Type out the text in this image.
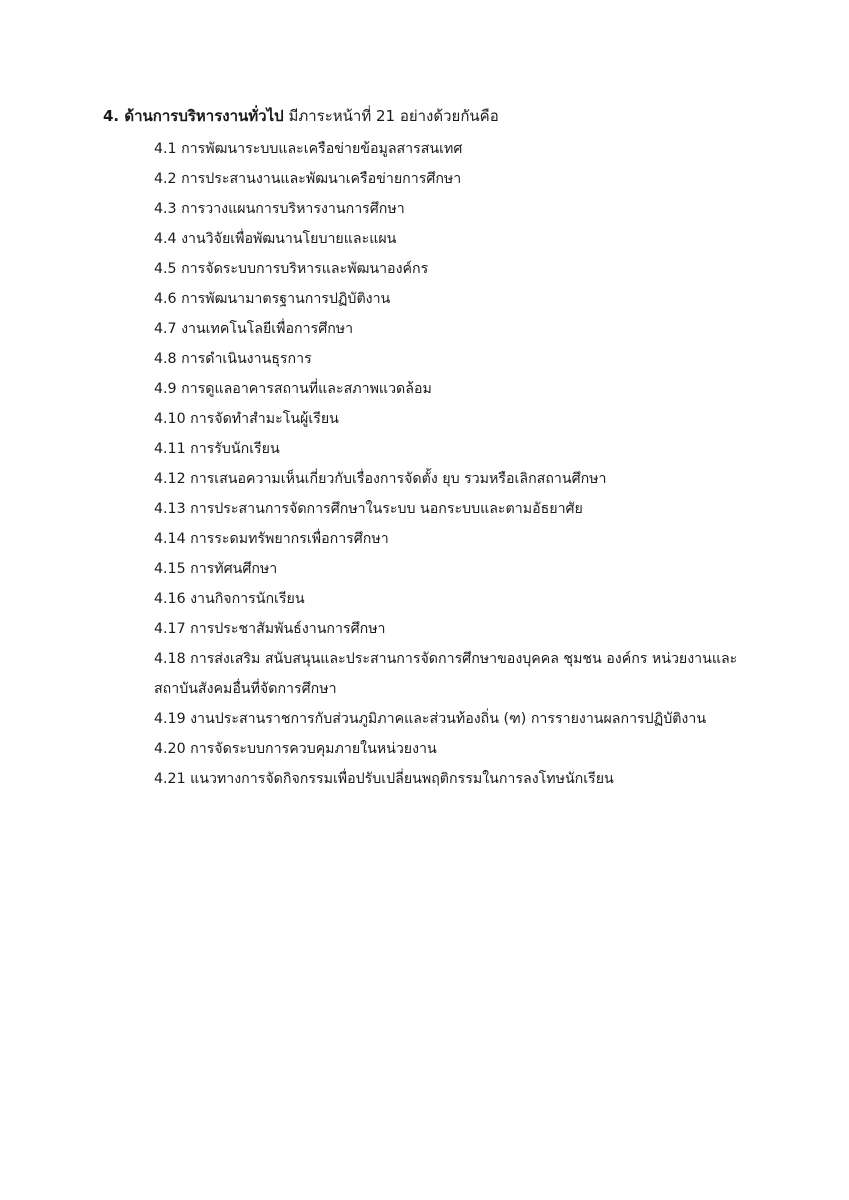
4. ด้านการบริหารงานทั่วไป มีภาระหน้าที่ 21 อย่างด้วยกันคือ
4.1 การพัฒนาระบบและเครือข่ายข้อมูลสารสนเทศ
4.2 การประสานงานและพัฒนาเครือข่ายการศึกษา
4.3 การวางแผนการบริหารงานการศึกษา
4.4 งานวิจัยเพื่อพัฒนานโยบายและแผน
4.5 การจัดระบบการบริหารและพัฒนาองค์กร
4.6 การพัฒนามาตรฐานการปฏิบัติงาน
4.7 งานเทคโนโลยีเพื่อการศึกษา
4.8 การดำเนินงานธุรการ
4.9 การดูแลอาคารสถานที่และสภาพแวดล้อม
4.10 การจัดทำสำมะโนผู้เรียน
4.11 การรับนักเรียน
4.12 การเสนอความเห็นเกี่ยวกับเรื่องการจัดตั้ง ยุบ รวมหรือเลิกสถานศึกษา
4.13 การประสานการจัดการศึกษาในระบบ นอกระบบและตามอัธยาศัย
4.14 การระดมทรัพยากรเพื่อการศึกษา
4.15 การทัศนศึกษา
4.16 งานกิจการนักเรียน
4.17 การประชาสัมพันธ์งานการศึกษา
4.18 การส่งเสริม สนับสนุนและประสานการจัดการศึกษาของบุคคล ชุมชน องค์กร หน่วยงานและสถาบันสังคมอื่นที่จัดการศึกษา
4.19 งานประสานราชการกับส่วนภูมิภาคและส่วนท้องถิ่น (ฑ) การรายงานผลการปฏิบัติงาน
4.20 การจัดระบบการควบคุมภายในหน่วยงาน
4.21 แนวทางการจัดกิจกรรมเพื่อปรับเปลี่ยนพฤติกรรมในการลงโทษนักเรียน
